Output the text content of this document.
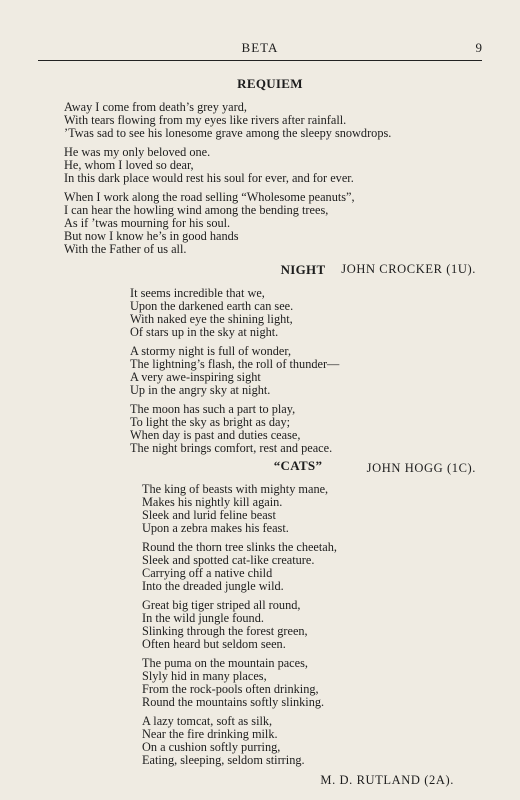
BETA	9
REQUIEM
Away I come from death’s grey yard,
With tears flowing from my eyes like rivers after rainfall.
’Twas sad to see his lonesome grave among the sleepy snowdrops.
He was my only beloved one.
He, whom I loved so dear,
In this dark place would rest his soul for ever, and for ever.
When I work along the road selling “Wholesome peanuts”,
I can hear the howling wind among the bending trees,
As if ’twas mourning for his soul.
But now I know he’s in good hands
With the Father of us all.
JOHN CROCKER (1U).
NIGHT
It seems incredible that we,
Upon the darkened earth can see.
With naked eye the shining light,
Of stars up in the sky at night.
A stormy night is full of wonder,
The lightning’s flash, the roll of thunder—
A very awe-inspiring sight
Up in the angry sky at night.
The moon has such a part to play,
To light the sky as bright as day;
When day is past and duties cease,
The night brings comfort, rest and peace.
JOHN HOGG (1C).
“CATS”
The king of beasts with mighty mane,
Makes his nightly kill again.
Sleek and lurid feline beast
Upon a zebra makes his feast.
Round the thorn tree slinks the cheetah,
Sleek and spotted cat-like creature.
Carrying off a native child
Into the dreaded jungle wild.
Great big tiger striped all round,
In the wild jungle found.
Slinking through the forest green,
Often heard but seldom seen.
The puma on the mountain paces,
Slyly hid in many places,
From the rock-pools often drinking,
Round the mountains softly slinking.
A lazy tomcat, soft as silk,
Near the fire drinking milk.
On a cushion softly purring,
Eating, sleeping, seldom stirring.
M. D. RUTLAND (2A).
